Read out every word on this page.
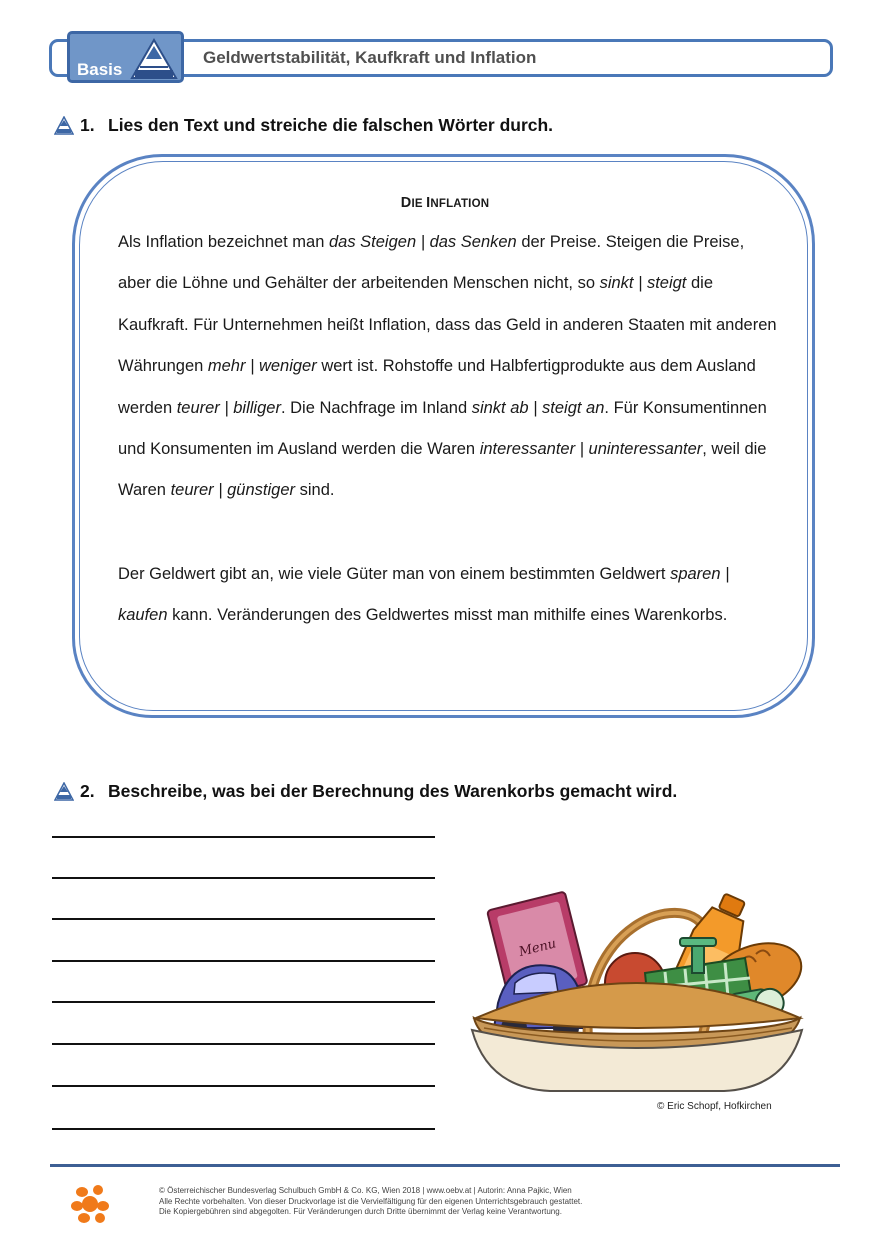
Basis
Geldwertstabilität, Kaufkraft und Inflation
1. Lies den Text und streiche die falschen Wörter durch.
DIE INFLATION
Als Inflation bezeichnet man das Steigen | das Senken der Preise. Steigen die Preise, aber die Löhne und Gehälter der arbeitenden Menschen nicht, so sinkt | steigt die Kaufkraft. Für Unternehmen heißt Inflation, dass das Geld in anderen Staaten mit anderen Währungen mehr | weniger wert ist. Rohstoffe und Halbfertigprodukte aus dem Ausland werden teurer | billiger. Die Nachfrage im Inland sinkt ab | steigt an. Für Konsumentinnen und Konsumenten im Ausland werden die Waren interessanter | uninteressanter, weil die Waren teurer | günstiger sind.
Der Geldwert gibt an, wie viele Güter man von einem bestimmten Geldwert sparen | kaufen kann. Veränderungen des Geldwertes misst man mithilfe eines Warenkorbs.
2. Beschreibe, was bei der Berechnung des Warenkorbs gemacht wird.
Menu
© Eric Schopf, Hofkirchen
© Österreichischer Bundesverlag Schulbuch GmbH & Co. KG, Wien 2018 | www.oebv.at | Autorin: Anna Pajkic, Wien
Alle Rechte vorbehalten. Von dieser Druckvorlage ist die Vervielfältigung für den eigenen Unterrichtsgebrauch gestattet.
Die Kopiergebühren sind abgegolten. Für Veränderungen durch Dritte übernimmt der Verlag keine Verantwortung.
